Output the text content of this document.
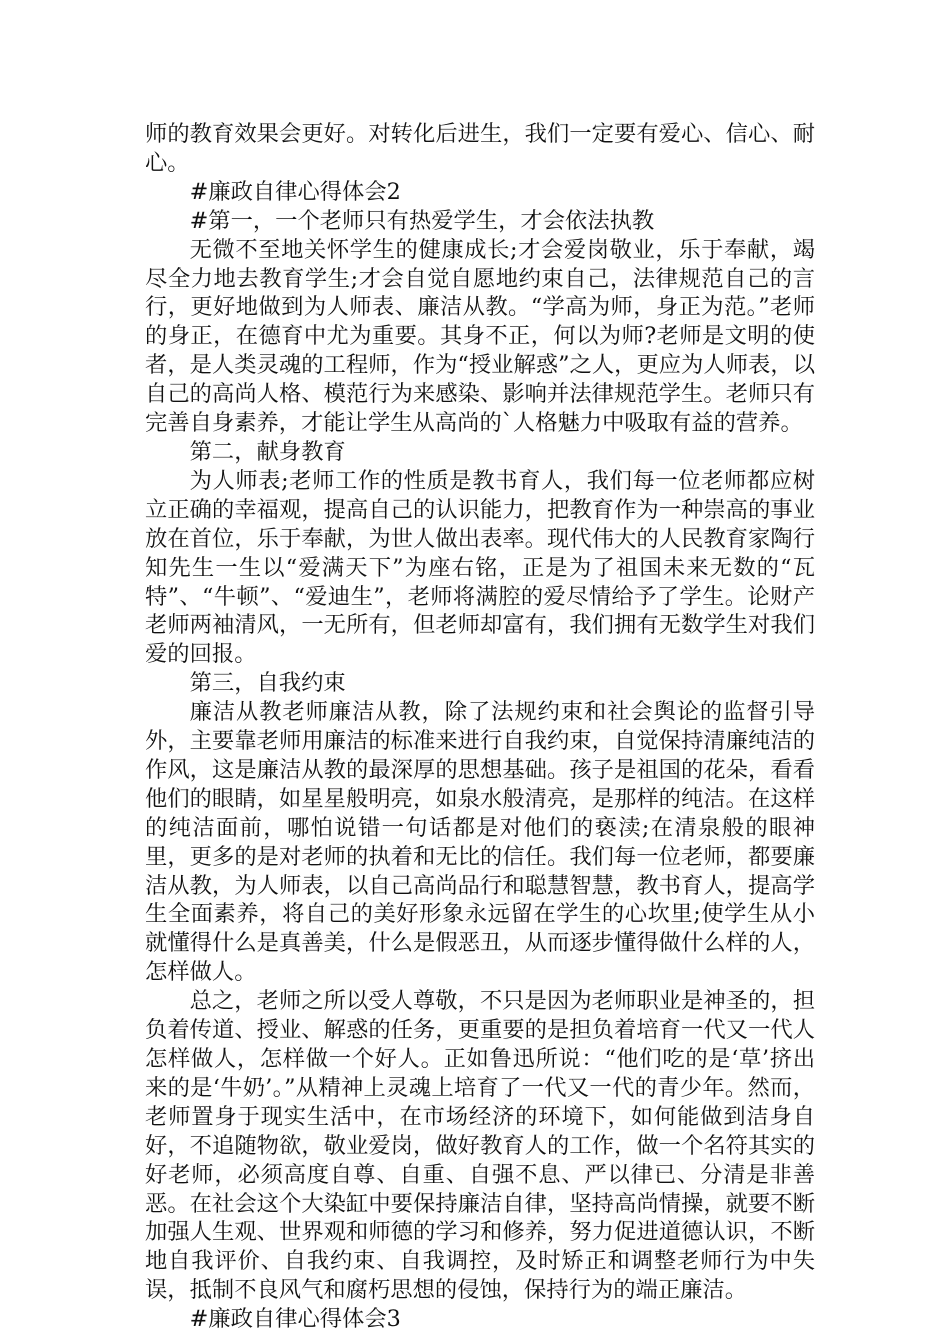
师的教育效果会更好。对转化后进生，我们一定要有爱心、信心、耐心。

#廉政自律心得体会2

#第一，一个老师只有热爱学生，才会依法执教

无微不至地关怀学生的健康成长;才会爱岗敬业，乐于奉献，竭尽全力地去教育学生;才会自觉自愿地约束自己，法律规范自己的言行，更好地做到为人师表、廉洁从教。“学高为师，身正为范。”老师的身正，在德育中尤为重要。其身不正，何以为师?老师是文明的使者，是人类灵魂的工程师，作为“授业解惑”之人，更应为人师表，以自己的高尚人格、模范行为来感染、影响并法律规范学生。老师只有完善自身素养，才能让学生从高尚的`人格魅力中吸取有益的营养。

第二，献身教育

为人师表;老师工作的性质是教书育人，我们每一位老师都应树立正确的幸福观，提高自己的认识能力，把教育作为一种崇高的事业放在首位，乐于奉献，为世人做出表率。现代伟大的人民教育家陶行知先生一生以“爱满天下”为座右铭，正是为了祖国未来无数的“瓦特”、“牛顿”、“爱迪生”，老师将满腔的爱尽情给予了学生。论财产老师两袖清风，一无所有，但老师却富有，我们拥有无数学生对我们爱的回报。

第三，自我约束

廉洁从教老师廉洁从教，除了法规约束和社会舆论的监督引导外，主要靠老师用廉洁的标准来进行自我约束，自觉保持清廉纯洁的作风，这是廉洁从教的最深厚的思想基础。孩子是祖国的花朵，看看他们的眼睛，如星星般明亮，如泉水般清亮，是那样的纯洁。在这样的纯洁面前，哪怕说错一句话都是对他们的亵渎;在清泉般的眼神里，更多的是对老师的执着和无比的信任。我们每一位老师，都要廉洁从教，为人师表，以自己高尚品行和聪慧智慧，教书育人，提高学生全面素养，将自己的美好形象永远留在学生的心坎里;使学生从小就懂得什么是真善美，什么是假恶丑，从而逐步懂得做什么样的人，怎样做人。

总之，老师之所以受人尊敬，不只是因为老师职业是神圣的，担负着传道、授业、解惑的任务，更重要的是担负着培育一代又一代人怎样做人，怎样做一个好人。正如鲁迅所说：“他们吃的是‘草’挤出来的是‘牛奶’。”从精神上灵魂上培育了一代又一代的青少年。然而，老师置身于现实生活中，在市场经济的环境下，如何能做到洁身自好，不追随物欲，敬业爱岗，做好教育人的工作，做一个名符其实的好老师，必须高度自尊、自重、自强不息、严以律已、分清是非善恶。在社会这个大染缸中要保持廉洁自律，坚持高尚情操，就要不断加强人生观、世界观和师德的学习和修养，努力促进道德认识，不断地自我评价、自我约束、自我调控，及时矫正和调整老师行为中失误，抵制不良风气和腐朽思想的侵蚀，保持行为的端正廉洁。

#廉政自律心得体会3
